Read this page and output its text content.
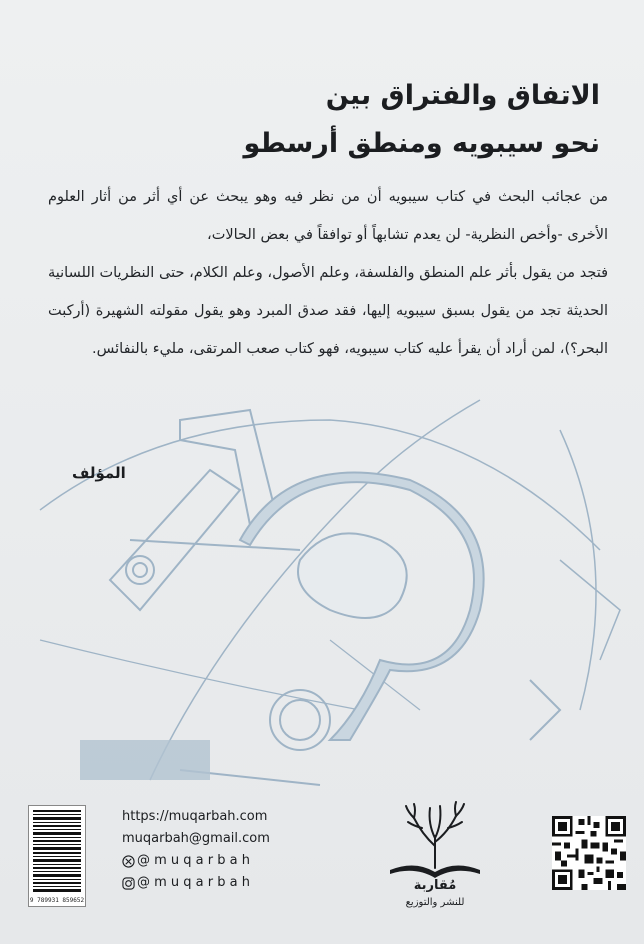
الاتفاق والفتراق بين
نحو سيبويه ومنطق أرسطو

من عجائب البحث في كتاب سيبويه أن من نظر فيه وهو يبحث عن أي أثر من أثار العلوم الأخرى -وأخص النظرية- لن يعدم تشابهاً أو توافقاً في بعض الحالات،

فتجد من يقول بأثر علم المنطق والفلسفة، وعلم الأصول، وعلم الكلام، حتى النظريات اللسانية الحديثة تجد من يقول بسبق سيبويه إليها، فقد صدق المبرد وهو يقول مقولته الشهيرة (أركبت البحر؟)، لمن أراد أن يقرأ عليه كتاب سيبويه، فهو كتاب صعب المرتقى، مليء بالنفائس.

المؤلف
9 789931 859652
https://muqarbah.com
muqarbah@gmail.com
@ m u q a r b a h
@ m u q a r b a h	مُقاربة
للنشر والتوزيع
